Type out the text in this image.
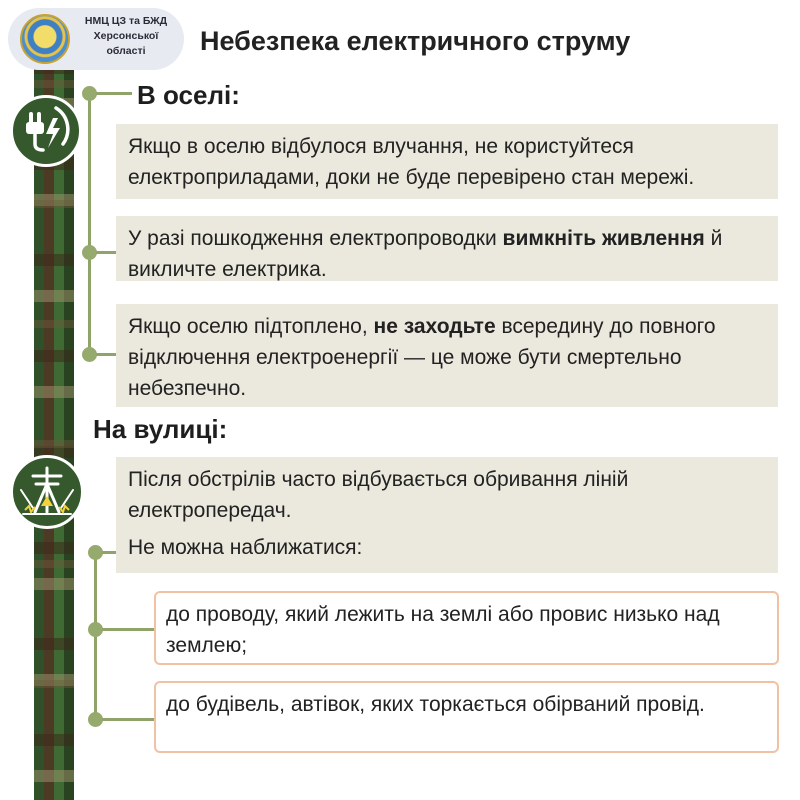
НМЦ ЦЗ та БЖД
Херсонської
області	Небезпека електричного струму
В оселі:
Якщо в оселю відбулося влучання, не користуйтеся електроприладами, доки не буде перевірено стан мережі.
У разі пошкодження електропроводки вимкніть живлення й викличте електрика.
Якщо оселю підтоплено, не заходьте всередину до повного відключення електроенергії — це може бути смертельно небезпечно.
На вулиці:
Після обстрілів часто відбувається обривання ліній електропередач.
Не можна наближатися:
до проводу, який лежить на землі або провис низько над землею;
до будівель, автівок, яких торкається обірваний провід.
